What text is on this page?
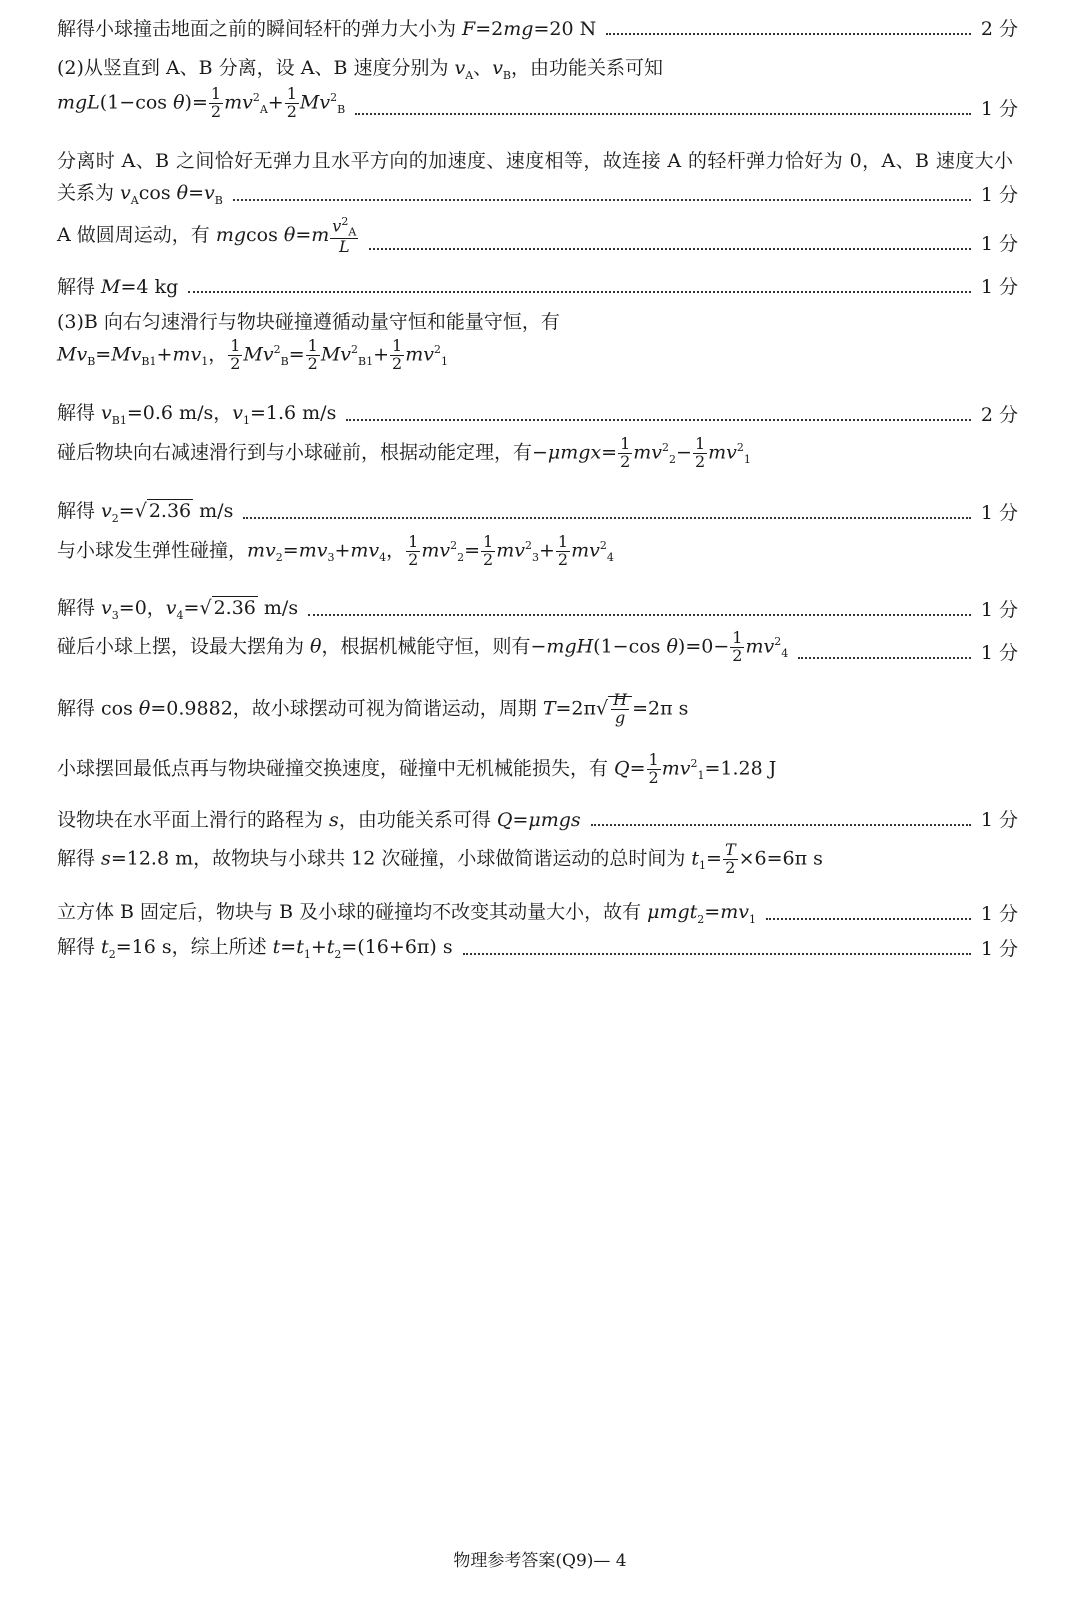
解得小球撞击地面之前的瞬间轻杆的弹力大小为 F=2mg=20 N	2 分
(2)从竖直到 A、B 分离，设 A、B 速度分别为 $v_A$、$v_B$，由功能关系可知
mgL(1−cos $\theta)= \frac{1}{2} mv^2_A+ \frac{1}{2} Mv^2_B$	1 分
分离时 A、B 之间恰好无弹力且水平方向的加速度、速度相等，故连接 A 的轻杆弹力恰好为 0，A、B 速度大小
关系为 $v_A\cos$ $\theta=v_B$	1 分
A 做圆周运动，有 mgcos $\theta=m \frac{v^2_A}{L}$	1 分
解得 M=4 kg	1 分
(3)B 向右匀速滑行与物块碰撞遵循动量守恒和能量守恒，有
$Mv_B=Mv_{B1}+mv_1$， $\frac{1}{2} Mv^2_B= \frac{1}{2} Mv^2_{B1}+ \frac{1}{2} mv^2_1$
解得 $v_{B1}=0.6$ m/s，$v_1=1.6$ m/s	2 分
碰后物块向右减速滑行到与小球碰前，根据动能定理，有$-\mu mgx= \frac{1}{2} mv^2_2- \frac{1}{2} mv^2_1$
解得 $v_2=√$ 2.36 m/s	1 分
与小球发生弹性碰撞，$mv_2=mv_3+mv_4$， $\frac{1}{2} mv^2_2= \frac{1}{2} mv^2_3+ \frac{1}{2} mv^2_4$
解得 $v_3=0$，$v_4=√$ 2.36 m/s	1 分
碰后小球上摆，设最大摆角为 θ，根据机械能守恒，则有−mgH(1−cos $\theta)=0- \frac{1}{2} mv^2_4$	1 分
解得 cos θ=0.9882，故小球摆动可视为简谐运动，周期 $T=2\pi√ \frac{H}{g} =2\pi$ s
小球摆回最低点再与物块碰撞交换速度，碰撞中无机械能损失，有 $Q= \frac{1}{2} mv^2_1=1.28$ J
设物块在水平面上滑行的路程为 s，由功能关系可得 Q=μmgs	1 分
解得 s=12.8 m，故物块与小球共 12 次碰撞，小球做简谐运动的总时间为 $t_1= \frac{T}{2} \times 6=6\pi$ s
立方体 B 固定后，物块与 B 及小球的碰撞均不改变其动量大小，故有 $\mu mgt_2=mv_1$	1 分
解得 $t_2=16$ s，综上所述 $t=t_1+t_2=(16+6\pi)$ s	1 分
物理参考答案(Q9)— 4
